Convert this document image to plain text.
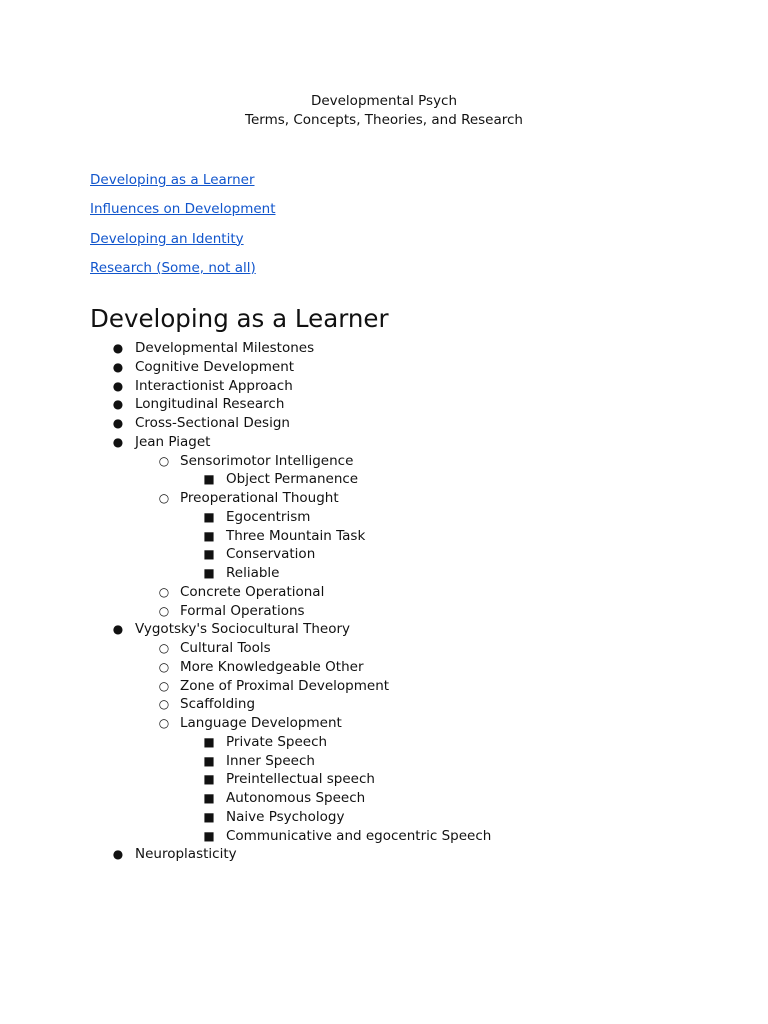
Developmental Psych
Terms, Concepts, Theories, and Research
Developing as a Learner
Influences on Development
Developing an Identity
Research (Some, not all)
Developing as a Learner
● Developmental Milestones
● Cognitive Development
● Interactionist Approach
● Longitudinal Research
● Cross-Sectional Design
● Jean Piaget
○ Sensorimotor Intelligence
■ Object Permanence
○ Preoperational Thought
■ Egocentrism
■ Three Mountain Task
■ Conservation
■ Reliable
○ Concrete Operational
○ Formal Operations
● Vygotsky's Sociocultural Theory
○ Cultural Tools
○ More Knowledgeable Other
○ Zone of Proximal Development
○ Scaffolding
○ Language Development
■ Private Speech
■ Inner Speech
■ Preintellectual speech
■ Autonomous Speech
■ Naive Psychology
■ Communicative and egocentric Speech
● Neuroplasticity
